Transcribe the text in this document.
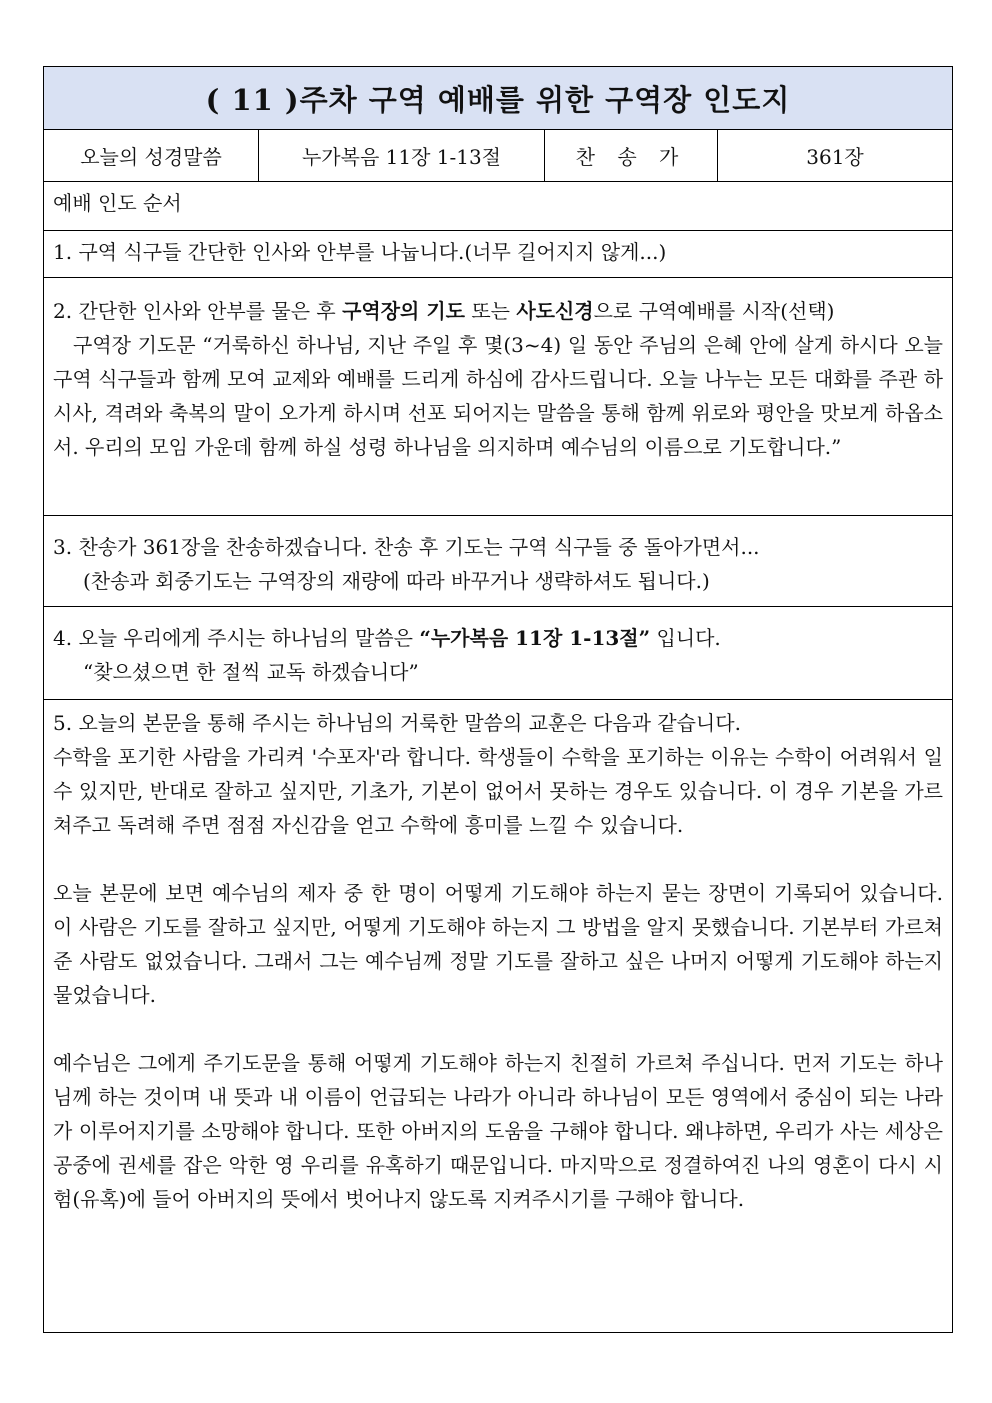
( 11 )주차 구역 예배를 위한 구역장 인도지
오늘의 성경말씀	누가복음 11장 1-13절	찬 송 가	361장

예배 인도 순서

1. 구역 식구들 간단한 인사와 안부를 나눕니다.(너무 길어지지 않게...)

2. 간단한 인사와 안부를 물은 후 구역장의 기도 또는 사도신경으로 구역예배를 시작(선택)

구역장 기도문 “거룩하신 하나님, 지난 주일 후 몇(3~4) 일 동안 주님의 은혜 안에 살게 하시다 오늘 구역 식구들과 함께 모여 교제와 예배를 드리게 하심에 감사드립니다. 오늘 나누는 모든 대화를 주관 하시사, 격려와 축복의 말이 오가게 하시며 선포 되어지는 말씀을 통해 함께 위로와 평안을 맛보게 하옵소서. 우리의 모임 가운데 함께 하실 성령 하나님을 의지하며 예수님의 이름으로 기도합니다.”

3. 찬송가 361장을 찬송하겠습니다. 찬송 후 기도는 구역 식구들 중 돌아가면서...

(찬송과 회중기도는 구역장의 재량에 따라 바꾸거나 생략하셔도 됩니다.)

4. 오늘 우리에게 주시는 하나님의 말씀은 “누가복음 11장 1-13절” 입니다.

“찾으셨으면 한 절씩 교독 하겠습니다”

5. 오늘의 본문을 통해 주시는 하나님의 거룩한 말씀의 교훈은 다음과 같습니다.

수학을 포기한 사람을 가리켜 '수포자'라 합니다. 학생들이 수학을 포기하는 이유는 수학이 어려워서 일수 있지만, 반대로 잘하고 싶지만, 기초가, 기본이 없어서 못하는 경우도 있습니다. 이 경우 기본을 가르쳐주고 독려해 주면 점점 자신감을 얻고 수학에 흥미를 느낄 수 있습니다.

오늘 본문에 보면 예수님의 제자 중 한 명이 어떻게 기도해야 하는지 묻는 장면이 기록되어 있습니다. 이 사람은 기도를 잘하고 싶지만, 어떻게 기도해야 하는지 그 방법을 알지 못했습니다. 기본부터 가르쳐 준 사람도 없었습니다. 그래서 그는 예수님께 정말 기도를 잘하고 싶은 나머지 어떻게 기도해야 하는지 물었습니다.

예수님은 그에게 주기도문을 통해 어떻게 기도해야 하는지 친절히 가르쳐 주십니다. 먼저 기도는 하나님께 하는 것이며 내 뜻과 내 이름이 언급되는 나라가 아니라 하나님이 모든 영역에서 중심이 되는 나라가 이루어지기를 소망해야 합니다. 또한 아버지의 도움을 구해야 합니다. 왜냐하면, 우리가 사는 세상은 공중에 권세를 잡은 악한 영 우리를 유혹하기 때문입니다. 마지막으로 정결하여진 나의 영혼이 다시 시험(유혹)에 들어 아버지의 뜻에서 벗어나지 않도록 지켜주시기를 구해야 합니다.
